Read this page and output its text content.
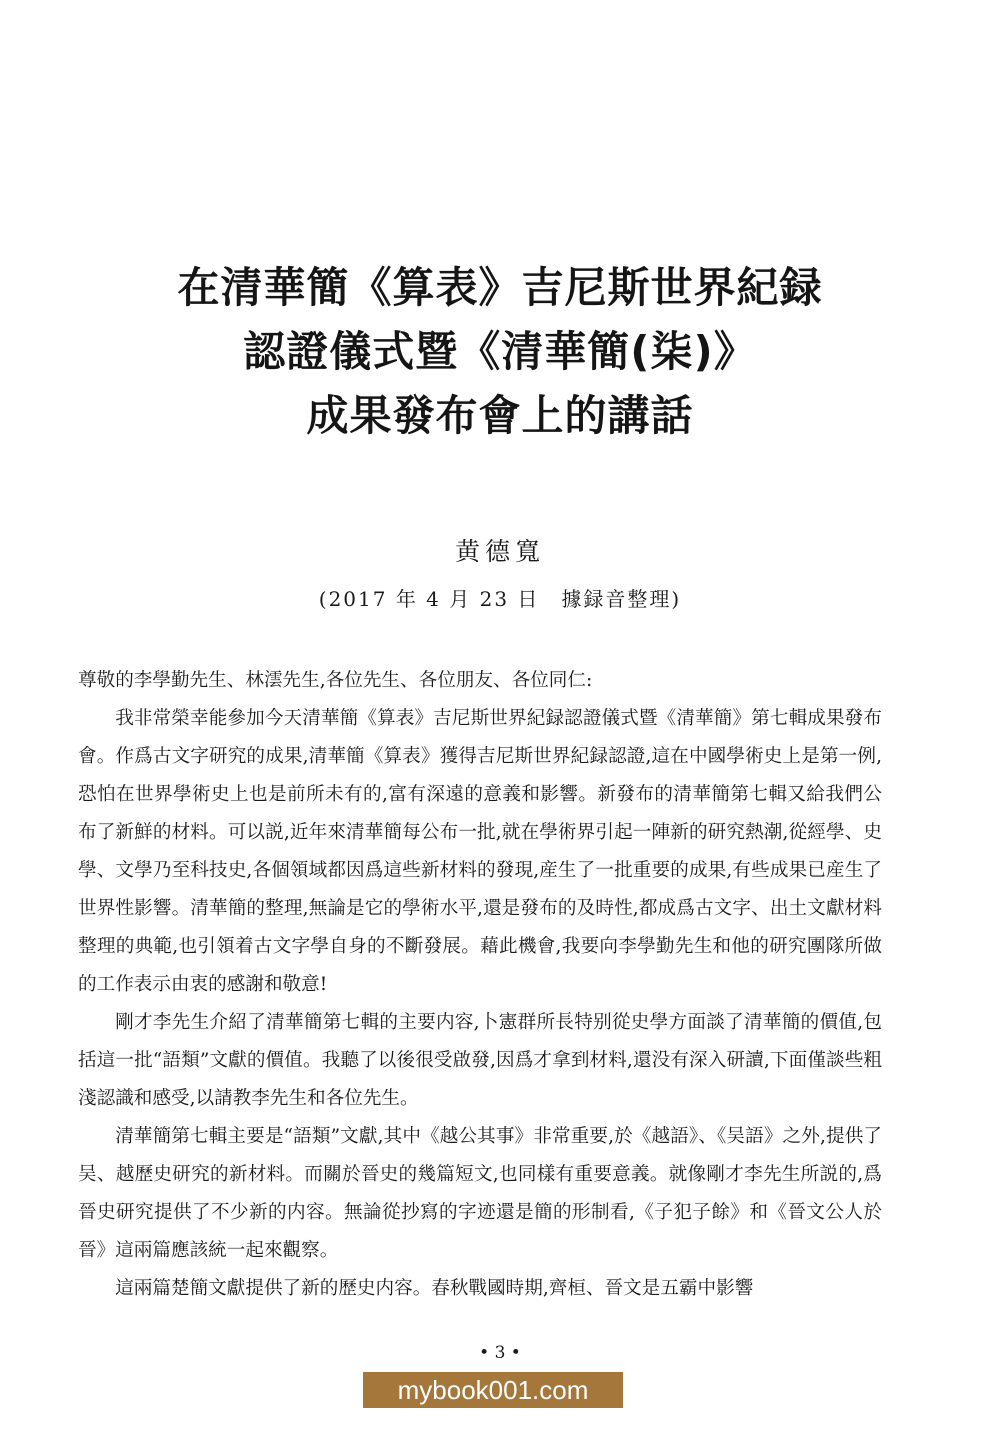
在清華簡《算表》吉尼斯世界紀録
認證儀式暨《清華簡(柒)》
成果發布會上的講話
黄德寬
(2017 年 4 月 23 日　據録音整理)

尊敬的李學勤先生、林澐先生,各位先生、各位朋友、各位同仁:

我非常榮幸能參加今天清華簡《算表》吉尼斯世界紀録認證儀式暨《清華簡》第七輯成果發布會。作爲古文字研究的成果,清華簡《算表》獲得吉尼斯世界紀録認證,這在中國學術史上是第一例,恐怕在世界學術史上也是前所未有的,富有深遠的意義和影響。新發布的清華簡第七輯又給我們公布了新鮮的材料。可以説,近年來清華簡每公布一批,就在學術界引起一陣新的研究熱潮,從經學、史學、文學乃至科技史,各個領域都因爲這些新材料的發現,産生了一批重要的成果,有些成果已産生了世界性影響。清華簡的整理,無論是它的學術水平,還是發布的及時性,都成爲古文字、出土文獻材料整理的典範,也引領着古文字學自身的不斷發展。藉此機會,我要向李學勤先生和他的研究團隊所做的工作表示由衷的感謝和敬意!

剛才李先生介紹了清華簡第七輯的主要内容,卜憲群所長特别從史學方面談了清華簡的價值,包括這一批“語類”文獻的價值。我聽了以後很受啟發,因爲才拿到材料,還没有深入研讀,下面僅談些粗淺認識和感受,以請教李先生和各位先生。

清華簡第七輯主要是“語類”文獻,其中《越公其事》非常重要,於《越語》、《吴語》之外,提供了吴、越歷史研究的新材料。而關於晉史的幾篇短文,也同樣有重要意義。就像剛才李先生所説的,爲晉史研究提供了不少新的内容。無論從抄寫的字迹還是簡的形制看,《子犯子餘》和《晉文公人於晉》這兩篇應該統一起來觀察。

這兩篇楚簡文獻提供了新的歷史内容。春秋戰國時期,齊桓、晉文是五霸中影響

• 3 •
mybook001.com
